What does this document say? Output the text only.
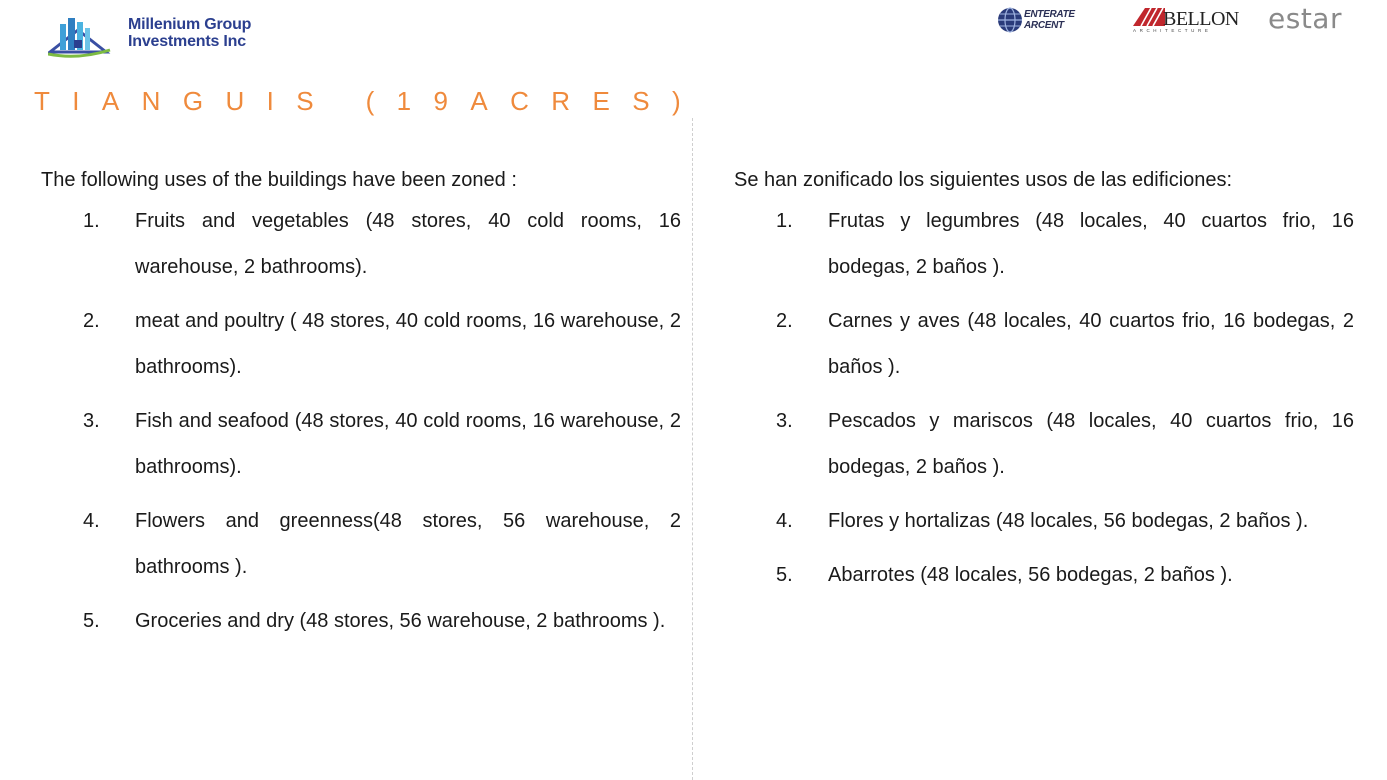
Millenium Group
Investments Inc
ENTERATE
ARCENT	BELLON
ARCHITECTURE estar
TIANGUIS (19ACRES)

The following uses of the buildings have been zoned :

1. Fruits and vegetables (48 stores, 40 cold rooms, 16 warehouse, 2 bathrooms).
2. meat and poultry ( 48 stores, 40 cold rooms, 16 warehouse, 2 bathrooms).
3. Fish and seafood (48 stores, 40 cold rooms, 16 warehouse, 2 bathrooms).
4. Flowers and greenness(48 stores, 56 warehouse, 2 bathrooms ).
5. Groceries and dry (48 stores, 56 warehouse, 2 bathrooms ).

Se han zonificado los siguientes usos de las edificiones:

1. Frutas y legumbres (48 locales, 40 cuartos frio, 16 bodegas, 2 baños ).
2. Carnes y aves (48 locales, 40 cuartos frio, 16 bodegas, 2 baños ).
3. Pescados y mariscos (48 locales, 40 cuartos frio, 16 bodegas, 2 baños ).
4. Flores y hortalizas (48 locales, 56 bodegas, 2 baños ).
5. Abarrotes (48 locales, 56 bodegas, 2 baños ).
